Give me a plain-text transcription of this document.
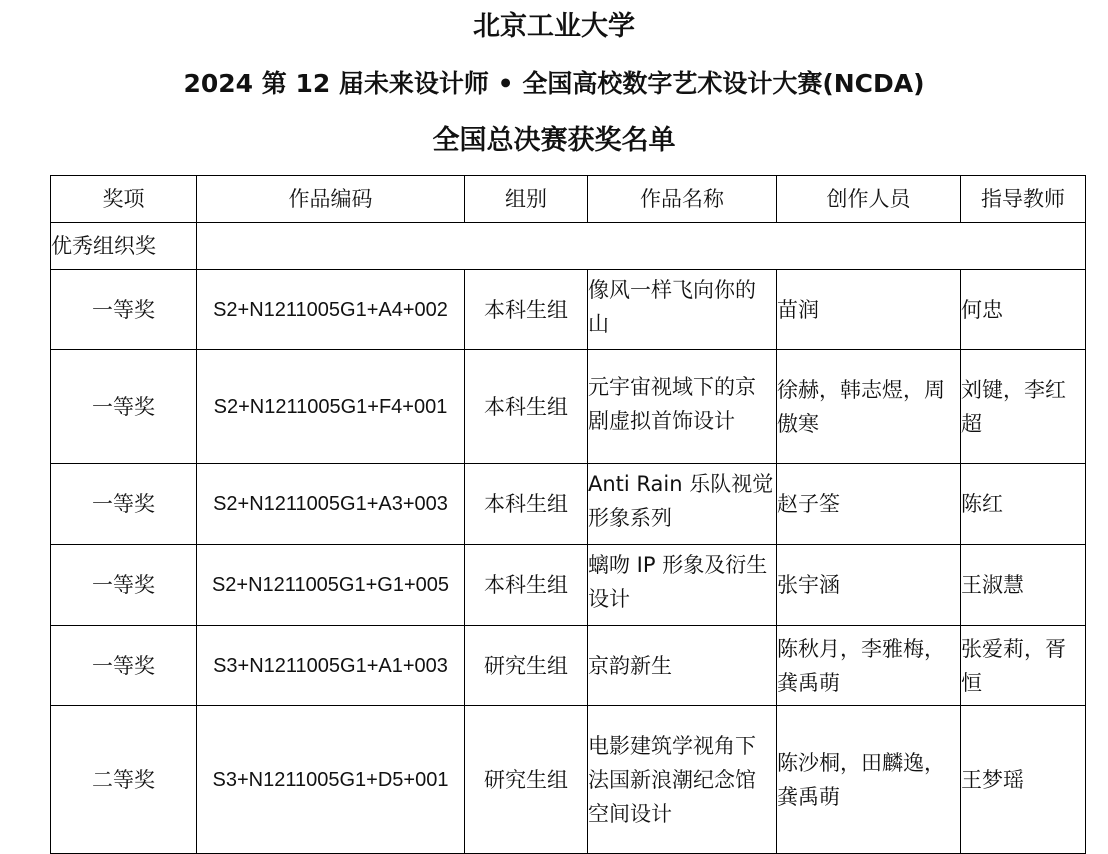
北京工业大学
2024 第 12 届未来设计师 • 全国高校数字艺术设计大赛(NCDA)
全国总决赛获奖名单
奖项	作品编码	组别	作品名称	创作人员	指导教师
优秀组织奖					
一等奖	S2+N1211005G1+A4+002	本科生组	像风一样飞向你的山	苗润	何忠
一等奖	S2+N1211005G1+F4+001	本科生组	元宇宙视域下的京剧虚拟首饰设计	徐赫，韩志煜，周傲寒	刘键，李红超
一等奖	S2+N1211005G1+A3+003	本科生组	Anti Rain 乐队视觉形象系列	赵子筌	陈红
一等奖	S2+N1211005G1+G1+005	本科生组	螭吻 IP 形象及衍生设计	张宇涵	王淑慧
一等奖	S3+N1211005G1+A1+003	研究生组	京韵新生	陈秋月，李雅梅，龚禹萌	张爱莉，胥恒
二等奖	S3+N1211005G1+D5+001	研究生组	电影建筑学视角下法国新浪潮纪念馆空间设计	陈沙桐，田麟逸，龚禹萌	王梦瑶
